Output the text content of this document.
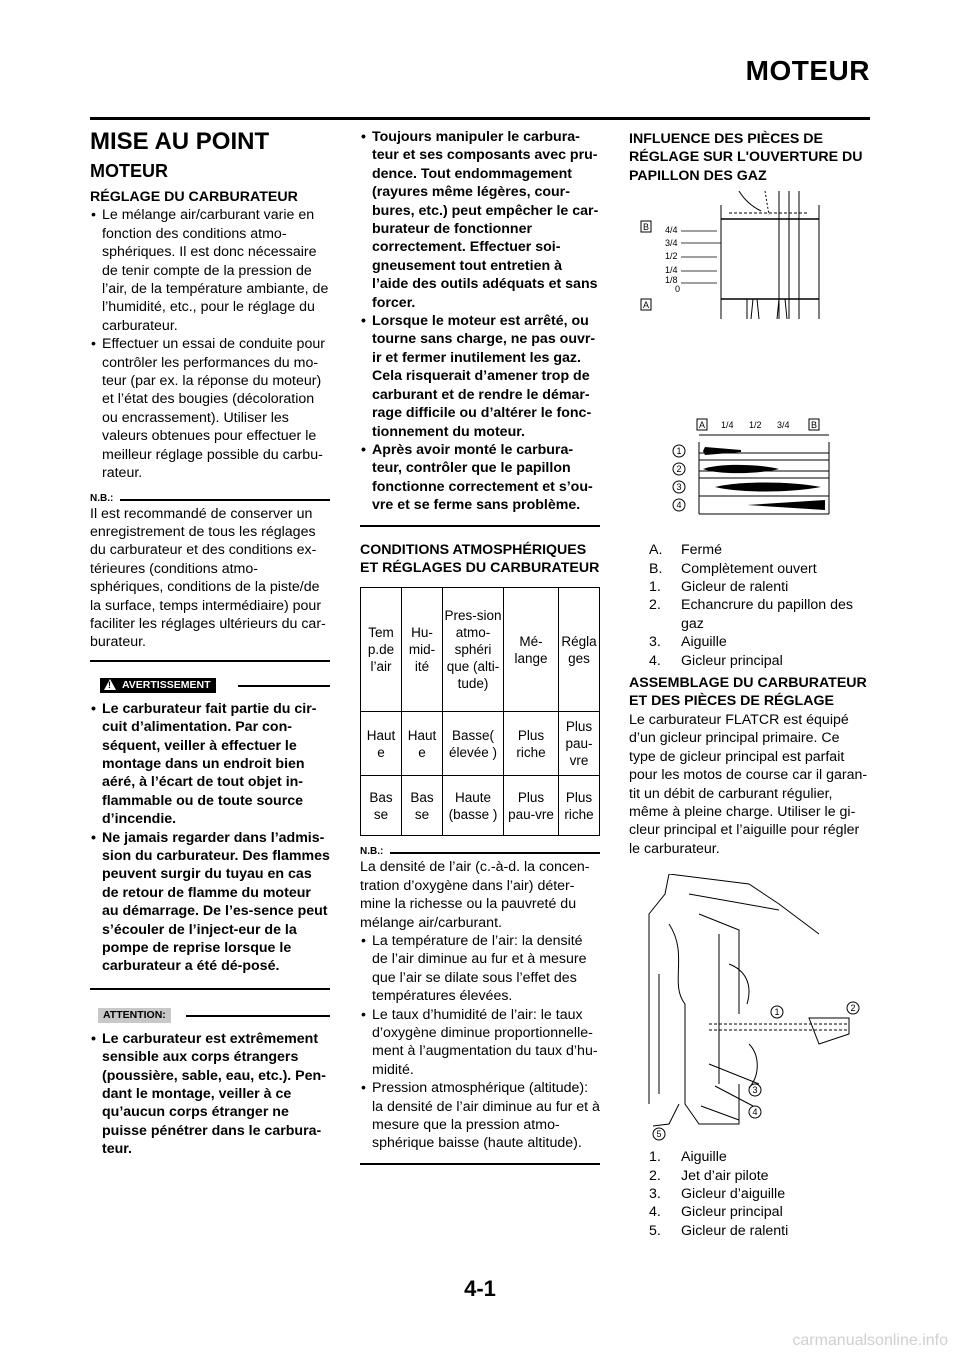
MOTEUR
MISE AU POINT
MOTEUR
RÉGLAGE DU CARBURATEUR
• Le mélange air/carburant varie en fonction des conditions atmo-sphériques. Il est donc nécessaire de tenir compte de la pression de l’air, de la température ambiante, de l’humidité, etc., pour le réglage du carburateur.
• Effectuer un essai de conduite pour contrôler les performances du mo-teur (par ex. la réponse du moteur) et l’état des bougies (décoloration ou encrassement). Utiliser les valeurs obtenues pour effectuer le meilleur réglage possible du carbu-rateur.
N.B.:
Il est recommandé de conserver un enregistrement de tous les réglages du carburateur et des conditions ex-térieures (conditions atmo-sphériques, conditions de la piste/de la surface, temps intermédiaire) pour faciliter les réglages ultérieurs du car-burateur.
! AVERTISSEMENT
• Le carburateur fait partie du cir-cuit d’alimentation. Par con-séquent, veiller à effectuer le montage dans un endroit bien aéré, à l’écart de tout objet in-flammable ou de toute source d’incendie.
• Ne jamais regarder dans l’admis-sion du carburateur. Des flammes peuvent surgir du tuyau en cas de retour de flamme du moteur au démarrage. De l’es-sence peut s’écouler de l’inject-eur de la pompe de reprise lorsque le carburateur a été dé-posé.
ATTENTION:
• Le carburateur est extrêmement sensible aux corps étrangers (poussière, sable, eau, etc.). Pen-dant le montage, veiller à ce qu’aucun corps étranger ne puisse pénétrer dans le carbura-teur.
• Toujours manipuler le carbura-teur et ses composants avec pru-dence. Tout endommagement (rayures même légères, cour-bures, etc.) peut empêcher le car-burateur de fonctionner correctement. Effectuer soi-gneusement tout entretien à l’aide des outils adéquats et sans forcer.
• Lorsque le moteur est arrêté, ou tourne sans charge, ne pas ouvr-ir et fermer inutilement les gaz. Cela risquerait d’amener trop de carburant et de rendre le démar-rage difficile ou d’altérer le fonc-tionnement du moteur.
• Après avoir monté le carbura-teur, contrôler que le papillon fonctionne correctement et s’ou-vre et se ferme sans problème.
CONDITIONS ATMOSPHÉRIQUES ET RÉGLAGES DU CARBURATEUR
Tem p.de l’air	Hu-mid-ité	Pres-sion atmo-sphéri que (alti-tude)	Mé-lange	Régla ges
Haut e	Haut e	Basse( élevée )	Plus riche	Plus pau-vre
Bas se	Bas se	Haute (basse )	Plus pau-vre	Plus riche
N.B.:
La densité de l’air (c.-à-d. la concen-tration d’oxygène dans l’air) déter-mine la richesse ou la pauvreté du mélange air/carburant.
• La température de l’air: la densité de l’air diminue au fur et à mesure que l’air se dilate sous l’effet des températures élevées.
• Le taux d’humidité de l’air: le taux d’oxygène diminue proportionnelle-ment à l’augmentation du taux d’hu-midité.
• Pression atmosphérique (altitude): la densité de l’air diminue au fur et à mesure que la pression atmo-sphérique baisse (haute altitude).
INFLUENCE DES PIÈCES DE RÉGLAGE SUR L'OUVERTURE DU PAPILLON DES GAZ
B
A
4/4
3/4
1/2
1/4
1/8
0
A 1/4 1/2 3/4 B
1
2
3
4
A. Fermé
B. Complètement ouvert
1. Gicleur de ralenti
2. Echancrure du papillon des gaz
3. Aiguille
4. Gicleur principal
ASSEMBLAGE DU CARBURATEUR ET DES PIÈCES DE RÉGLAGE
Le carburateur FLATCR est équipé d’un gicleur principal primaire. Ce type de gicleur principal est parfait pour les motos de course car il garan-tit un débit de carburant régulier, même à pleine charge. Utiliser le gi-cleur principal et l’aiguille pour régler le carburateur.
1	2
3
4
5
1. Aiguille
2. Jet d’air pilote
3. Gicleur d’aiguille
4. Gicleur principal
5. Gicleur de ralenti
4-1
carmanualsonline.info
